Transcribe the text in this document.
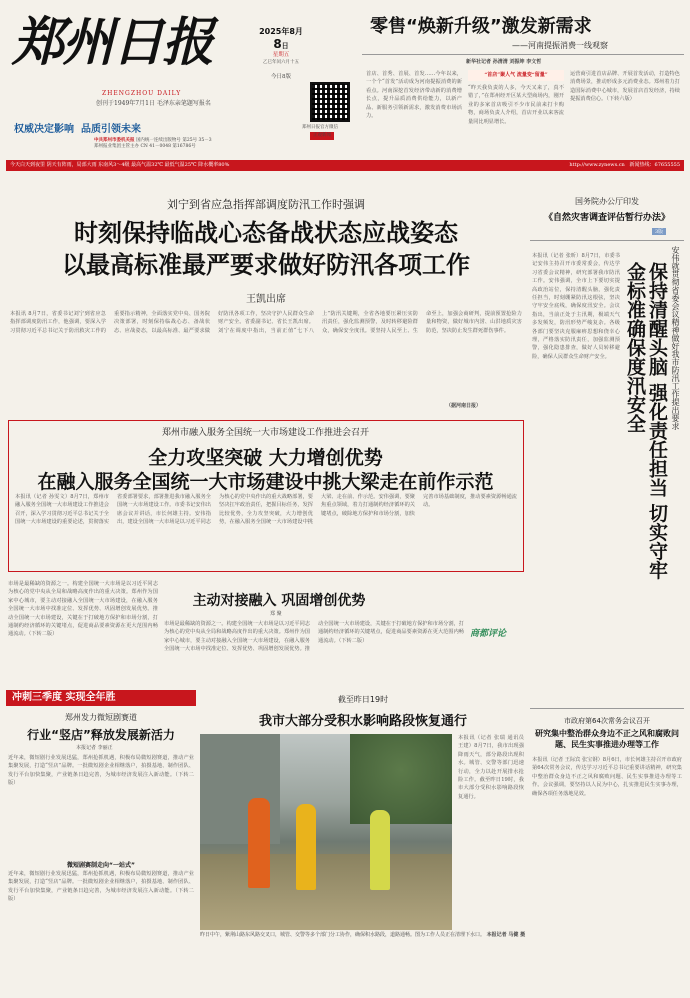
郑州日报
ZHENGZHOU DAILY
创刊于1949年7月1日 毛泽东亲笔题写报名
权威决定影响 品质引领未来
2025年8月
8日
星期五
乙巳年闰六月十五
今日8版
郑州日报官方微信
正观新闻
中共郑州市委机关报 国内统一连续出版物号 第25号 35－3
郑州报业集团主管主办 CN 41－0048 第16786号
今天白天到夜里 阴天有阵雨，局部大雨 东南风3～4级 最高气温32℃ 最低气温25℃ 降水概率80%	http://www.zynews.cn 新闻热线：67655555
零售“焕新升级”激发新需求
——河南提振消费一线观察
新华社记者 孙清清 刘振坤 李文哲
首店、首秀、首展、首发……今年以来，一个个“首发”活动成为河南提振消费的新看点。河南深挖首发经济带动新的消费增长点，提升品质消费供给能力，以新产品、新服务引领新需求，激发消费市场活力。
“首店”聚人气 流量变“留量”
“昨天我负责的人多，今天又来了，真不错了，”在郑州经开区某大型商场内，刚开业的多家首店吸引不少市民前来打卡购物，商场负责人介绍，首店开业以来客流量同比明显增长。
运营商引进首店品牌、开展首发活动，打造特色消费场景，推动形成多元消费业态。郑州着力打造国际消费中心城市，发展首店首发经济，持续提振消费信心。（下转六版）
刘宁到省应急指挥部调度防汛工作时强调
时刻保持临战心态备战状态应战姿态
以最高标准最严要求做好防汛各项工作
王凯出席
本报讯 8月7日，省委书记刘宁到省应急指挥部调度防汛工作，他强调，要深入学习贯彻习近平总书记关于防汛救灾工作的重要指示精神，全面落实党中央、国务院决策部署，时刻保持临战心态、备战状态、应战姿态，以最高标准、最严要求做好防汛各项工作，坚决守护人民群众生命财产安全。省委副书记、省长王凯出席。刘宁在调度中指出，当前正值“七下八上”防汛关键期，全省各地要压紧压实防汛责任，强化监测预警，及时转移避险群众，确保安全度汛。要坚持人民至上、生命至上，加强会商研判，提前预置抢险力量和物资，做好城市内涝、山洪地质灾害防范，坚决防止发生群死群伤事件。
（据河南日报）
郑州市融入服务全国统一大市场建设工作推进会召开
全力攻坚突破 大力增创优势
在融入服务全国统一大市场建设中挑大梁走在前作示范
本报讯（记者 孙雯文）8月7日，郑州市融入服务全国统一大市场建设工作推进会召开，深入学习贯彻习近平总书记关于全国统一大市场建设的重要论述，贯彻落实省委部署要求，部署推进我市融入服务全国统一大市场建设工作。市委书记安伟出席会议并讲话，市长何雄主持。安伟指出，建设全国统一大市场是以习近平同志为核心的党中央作出的重大战略部署，要坚决扛牢政治责任，把握目标任务，发挥比较优势，全力攻坚突破，大力增创优势，在融入服务全国统一大市场建设中挑大梁、走在前、作示范。安伟强调，要聚焦重点领域，着力打通制约经济循环的关键堵点，破除地方保护和市场分割，加快完善市场基础制度，推动要素资源畅通流动。
国务院办公厅印发
《自然灾害调查评估暂行办法》
3版
本报讯（记者 张昕）8月7日，市委书记安伟主持召开市委常委会，传达学习省委会议精神，研究部署我市防汛工作。安伟强调，全市上下要切实提高政治站位，保持清醒头脑，强化责任担当，时刻绷紧防汛这根弦，坚决守牢安全底线，确保度汛安全。会议指出，当前正处于主汛期，极端天气多发频发，防汛形势严峻复杂。各级各部门要坚决克服麻痹思想和侥幸心理，严格落实防汛责任，加强监测预警，强化隐患排查，做好人员转移避险，确保人民群众生命财产安全。	安伟就贯彻省委会议精神做好我市防汛工作提出要求
保持清醒头脑 强化责任担当 切实守牢金标准确保度汛安全
市政府第64次常务会议召开
研究集中整治群众身边不正之风和腐败问题、民生实事推进办理等工作
本报讯（记者 王际宾 张宝钢）8月6日，市长何雄主持召开市政府第64次常务会议，传达学习习近平总书记重要讲话精神，研究集中整治群众身边不正之风和腐败问题、民生实事推进办理等工作。会议强调，要坚持以人民为中心，扎实推进民生实事办理，确保各项任务落地见效。
市场是最稀缺的资源之一。构建全国统一大市场是以习近平同志为核心的党中央从全局和战略高度作出的重大决策。郑州作为国家中心城市，要主动对接融入全国统一大市场建设，在融入服务全国统一大市场中找准定位、发挥优势、巩固增创发展优势。推动全国统一大市场建设，关键在于打破地方保护和市场分割，打通制约经济循环的关键堵点，促进商品要素资源在更大范围内畅通流动。（下转二版）
主动对接融入 巩固增创优势
郑 聚
市场是最稀缺的资源之一。构建全国统一大市场是以习近平同志为核心的党中央从全局和战略高度作出的重大决策。郑州作为国家中心城市，要主动对接融入全国统一大市场建设，在融入服务全国统一大市场中找准定位、发挥优势、巩固增创发展优势。推动全国统一大市场建设，关键在于打破地方保护和市场分割，打通制约经济循环的关键堵点，促进商品要素资源在更大范围内畅通流动。（下转二版）
商都评论
冲刺三季度 实现全年胜
郑州发力微短剧赛道
行业“竖店”释放发展新活力
本报记者 李丽正
近年来，微短剧行业发展迅猛，郑州抢抓机遇，积极布局微短剧赛道，推动产业集聚发展，打造“竖店”品牌。一批微短剧企业相继落户，拍摄基地、制作团队、发行平台加快集聚，产业链条日趋完善，为城市经济发展注入新动能。（下转二版）
微短剧赛制走向“一站式”
近年来，微短剧行业发展迅猛，郑州抢抓机遇，积极布局微短剧赛道，推动产业集聚发展，打造“竖店”品牌。一批微短剧企业相继落户，拍摄基地、制作团队、发行平台加快集聚，产业链条日趋完善，为城市经济发展注入新动能。（下转二版）
截至昨日19时
我市大部分受积水影响路段恢复通行
本报讯（记者 张瑞 通讯员 王建）8月7日，我市出现强降雨天气，部分路段出现积水。城管、交警等部门迅速行动，全力以赴开展排水抢险工作。截至昨日19时，我市大部分受积水影响路段恢复通行。
昨日中午，紫荆山路东风路交叉口，城管、交警等多个部门分工协作，确保积水路段，道路通畅。图为工作人员正在清理下水口。 本报记者 马健 摄
